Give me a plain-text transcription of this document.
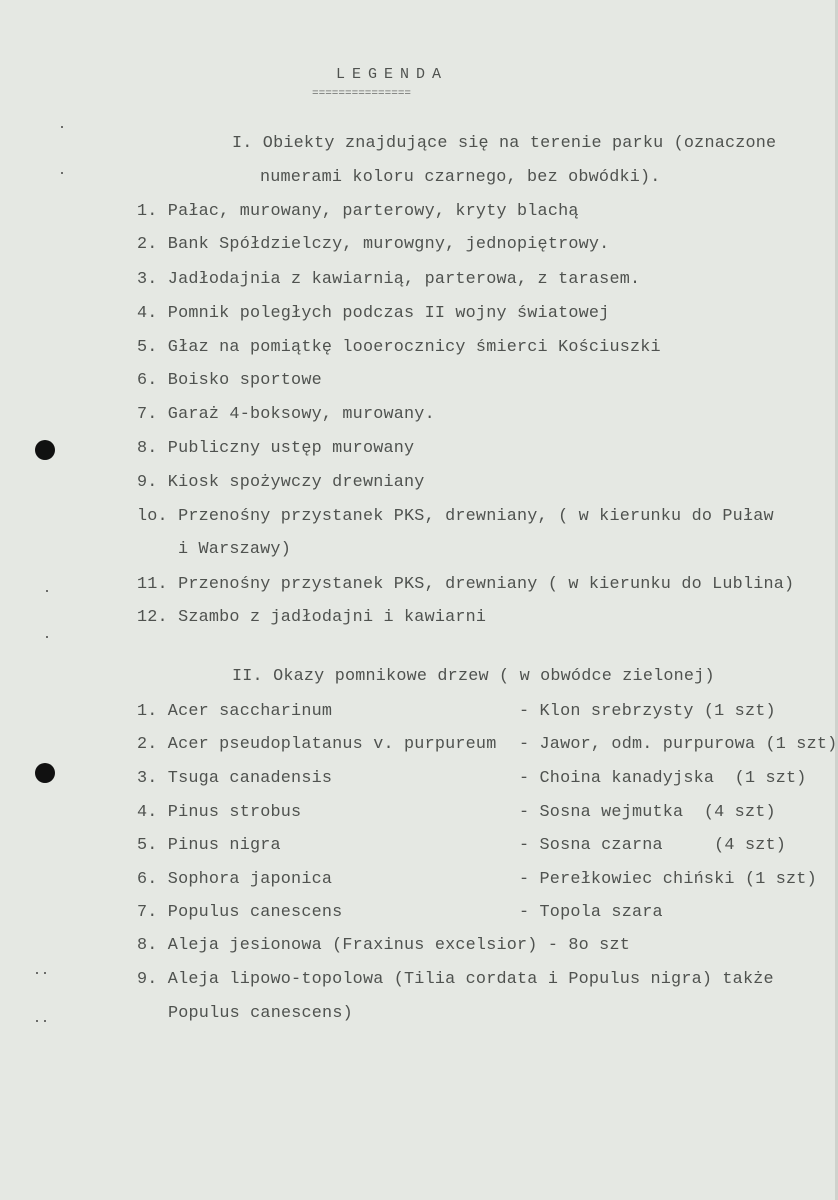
LEGENDA
===============
I. Obiekty znajdujące się na terenie parku (oznaczone
numerami koloru czarnego, bez obwódki).
1. Pałac, murowany, parterowy, kryty blachą
2. Bank Spółdzielczy, murowgny, jednopiętrowy.
3. Jadłodajnia z kawiarnią, parterowa, z tarasem.
4. Pomnik poległych podczas II wojny światowej
5. Głaz na pomiątkę looerocznicy śmierci Kościuszki
6. Boisko sportowe
7. Garaż 4-boksowy, murowany.
8. Publiczny ustęp murowany
9. Kiosk spożywczy drewniany
lo. Przenośny przystanek PKS, drewniany, ( w kierunku do Puław
i Warszawy)
11. Przenośny przystanek PKS, drewniany ( w kierunku do Lublina)
12. Szambo z jadłodajni i kawiarni
II. Okazy pomnikowe drzew ( w obwódce zielonej)
1. Acer saccharinum	- Klon srebrzysty (1 szt)
2. Acer pseudoplatanus v. purpureum - Jawor, odm. purpurowa (1 szt)
3. Tsuga canadensis	- Choina kanadyjska  (1 szt)
4. Pinus strobus	- Sosna wejmutka  (4 szt)
5. Pinus nigra	- Sosna czarna     (4 szt)
6. Sophora japonica	- Perełkowiec chiński (1 szt)
7. Populus canescens	- Topola szara
8. Aleja jesionowa (Fraxinus excelsior) - 8o szt
9. Aleja lipowo-topolowa (Tilia cordata i Populus nigra) także
Populus canescens)
